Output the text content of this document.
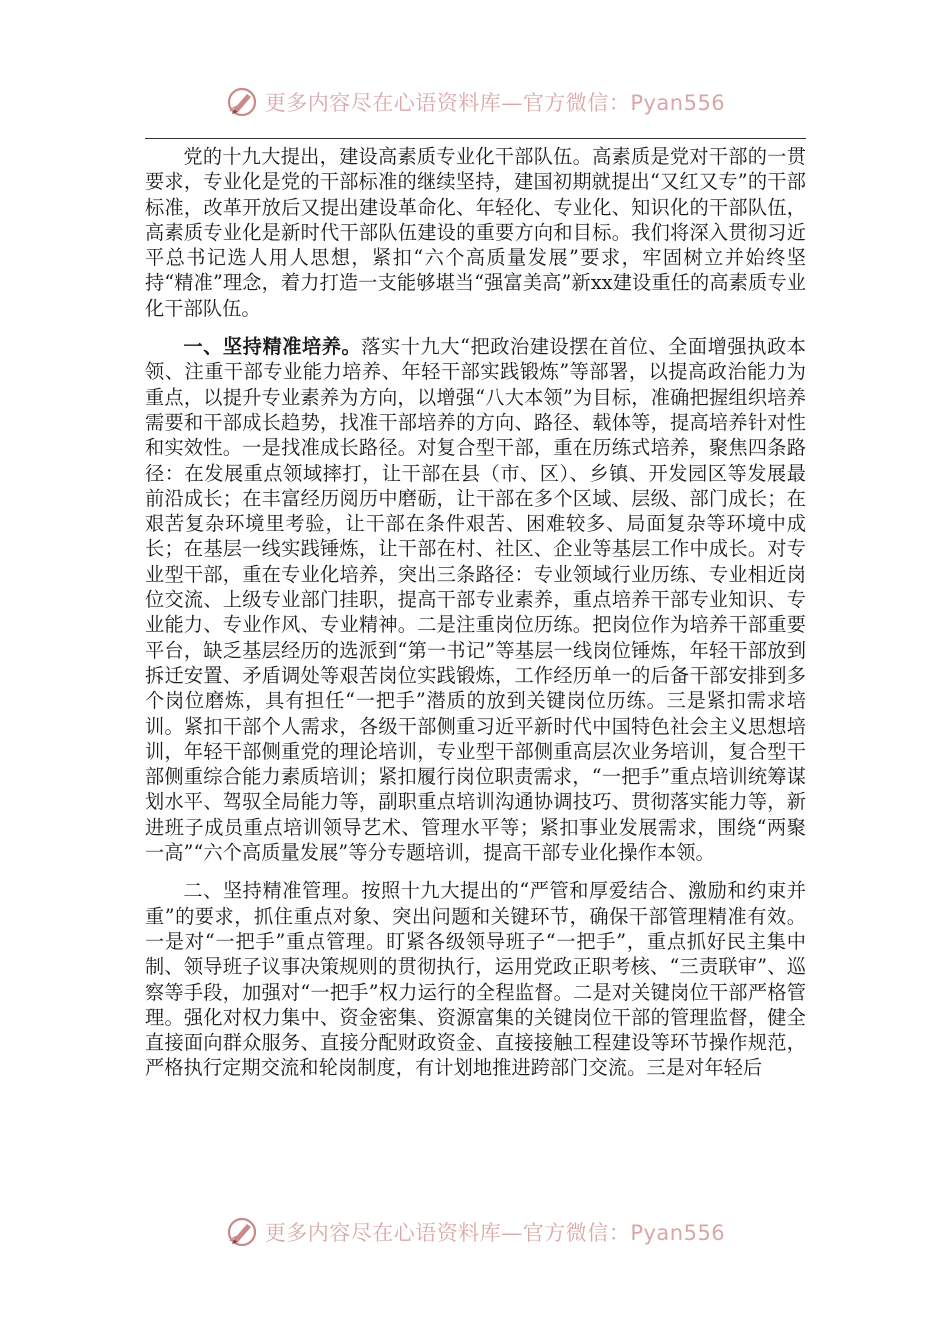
更多内容尽在心语资料库—官方微信：Pyan556

党的十九大提出，建设高素质专业化干部队伍。高素质是党对干部的一贯要求，专业化是党的干部标准的继续坚持，建国初期就提出“又红又专”的干部标准，改革开放后又提出建设革命化、年轻化、专业化、知识化的干部队伍，高素质专业化是新时代干部队伍建设的重要方向和目标。我们将深入贯彻习近平总书记选人用人思想，紧扣“六个高质量发展”要求，牢固树立并始终坚持“精准”理念，着力打造一支能够堪当“强富美高”新xx建设重任的高素质专业化干部队伍。

一、坚持精准培养。落实十九大“把政治建设摆在首位、全面增强执政本领、注重干部专业能力培养、年轻干部实践锻炼”等部署，以提高政治能力为重点，以提升专业素养为方向，以增强“八大本领”为目标，准确把握组织培养需要和干部成长趋势，找准干部培养的方向、路径、载体等，提高培养针对性和实效性。一是找准成长路径。对复合型干部，重在历练式培养，聚焦四条路径：在发展重点领域摔打，让干部在县（市、区）、乡镇、开发园区等发展最前沿成长；在丰富经历阅历中磨砺，让干部在多个区域、层级、部门成长；在艰苦复杂环境里考验，让干部在条件艰苦、困难较多、局面复杂等环境中成长；在基层一线实践锤炼，让干部在村、社区、企业等基层工作中成长。对专业型干部，重在专业化培养，突出三条路径：专业领域行业历练、专业相近岗位交流、上级专业部门挂职，提高干部专业素养，重点培养干部专业知识、专业能力、专业作风、专业精神。二是注重岗位历练。把岗位作为培养干部重要平台，缺乏基层经历的选派到“第一书记”等基层一线岗位锤炼，年轻干部放到拆迁安置、矛盾调处等艰苦岗位实践锻炼，工作经历单一的后备干部安排到多个岗位磨炼，具有担任“一把手”潜质的放到关键岗位历练。三是紧扣需求培训。紧扣干部个人需求，各级干部侧重习近平新时代中国特色社会主义思想培训，年轻干部侧重党的理论培训，专业型干部侧重高层次业务培训，复合型干部侧重综合能力素质培训；紧扣履行岗位职责需求，“一把手”重点培训统筹谋划水平、驾驭全局能力等，副职重点培训沟通协调技巧、贯彻落实能力等，新进班子成员重点培训领导艺术、管理水平等；紧扣事业发展需求，围绕“两聚一高”“六个高质量发展”等分专题培训，提高干部专业化操作本领。

二、坚持精准管理。按照十九大提出的“严管和厚爱结合、激励和约束并重”的要求，抓住重点对象、突出问题和关键环节，确保干部管理精准有效。一是对“一把手”重点管理。盯紧各级领导班子“一把手”，重点抓好民主集中制、领导班子议事决策规则的贯彻执行，运用党政正职考核、“三责联审”、巡察等手段，加强对“一把手”权力运行的全程监督。二是对关键岗位干部严格管理。强化对权力集中、资金密集、资源富集的关键岗位干部的管理监督，健全直接面向群众服务、直接分配财政资金、直接接触工程建设等环节操作规范，严格执行定期交流和轮岗制度，有计划地推进跨部门交流。三是对年轻后

更多内容尽在心语资料库—官方微信：Pyan556
